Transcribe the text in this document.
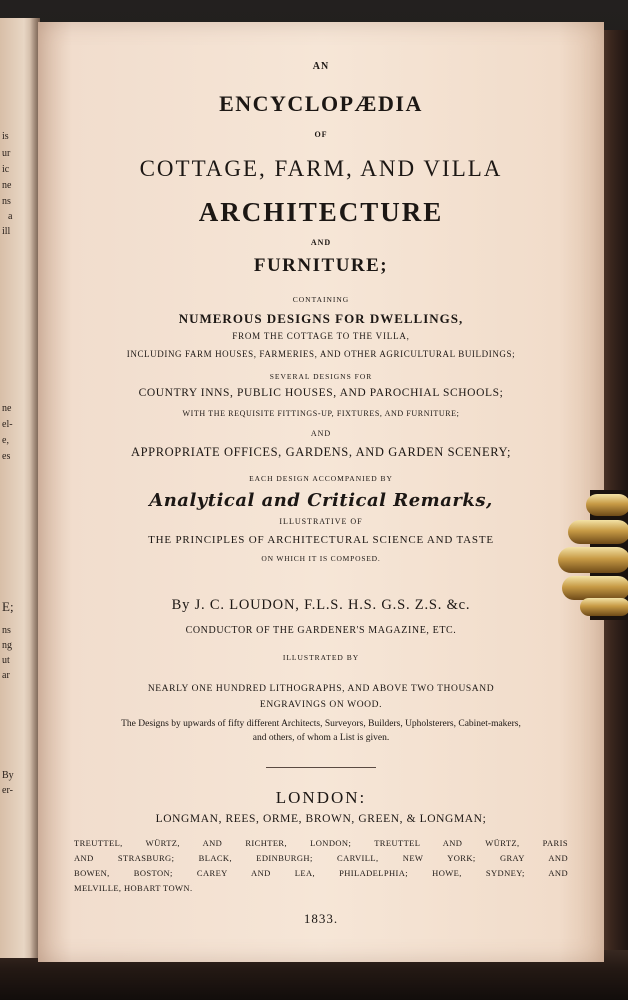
is
ur
ic
ne
ns
a
ill
ne
el-
e,
es
E;
ns
ng
ut
ar
By
er-
AN
ENCYCLOPÆDIA
OF
COTTAGE, FARM, AND VILLA
ARCHITECTURE
AND
FURNITURE;
CONTAINING
NUMEROUS DESIGNS FOR DWELLINGS,
FROM THE COTTAGE TO THE VILLA,
INCLUDING FARM HOUSES, FARMERIES, AND OTHER AGRICULTURAL BUILDINGS;
SEVERAL DESIGNS FOR
COUNTRY INNS, PUBLIC HOUSES, AND PAROCHIAL SCHOOLS;
WITH THE REQUISITE FITTINGS-UP, FIXTURES, AND FURNITURE;
AND
APPROPRIATE OFFICES, GARDENS, AND GARDEN SCENERY;
EACH DESIGN ACCOMPANIED BY
Analytical and Critical Remarks,
ILLUSTRATIVE OF
THE PRINCIPLES OF ARCHITECTURAL SCIENCE AND TASTE
ON WHICH IT IS COMPOSED.
By J. C. LOUDON, F.L.S. H.S. G.S. Z.S. &c.
CONDUCTOR OF THE GARDENER'S MAGAZINE, ETC.
ILLUSTRATED BY
NEARLY ONE HUNDRED LITHOGRAPHS, AND ABOVE TWO THOUSAND
ENGRAVINGS ON WOOD.
The Designs by upwards of fifty different Architects, Surveyors, Builders, Upholsterers, Cabinet-makers,
and others, of whom a List is given.
LONDON:
LONGMAN, REES, ORME, BROWN, GREEN, & LONGMAN;
TREUTTEL, WÜRTZ, AND RICHTER, LONDON; TREUTTEL AND WÜRTZ, PARIS
AND STRASBURG; BLACK, EDINBURGH; CARVILL, NEW YORK; GRAY AND
BOWEN, BOSTON; CAREY AND LEA, PHILADELPHIA; HOWE, SYDNEY; AND
MELVILLE, HOBART TOWN.
1833.
